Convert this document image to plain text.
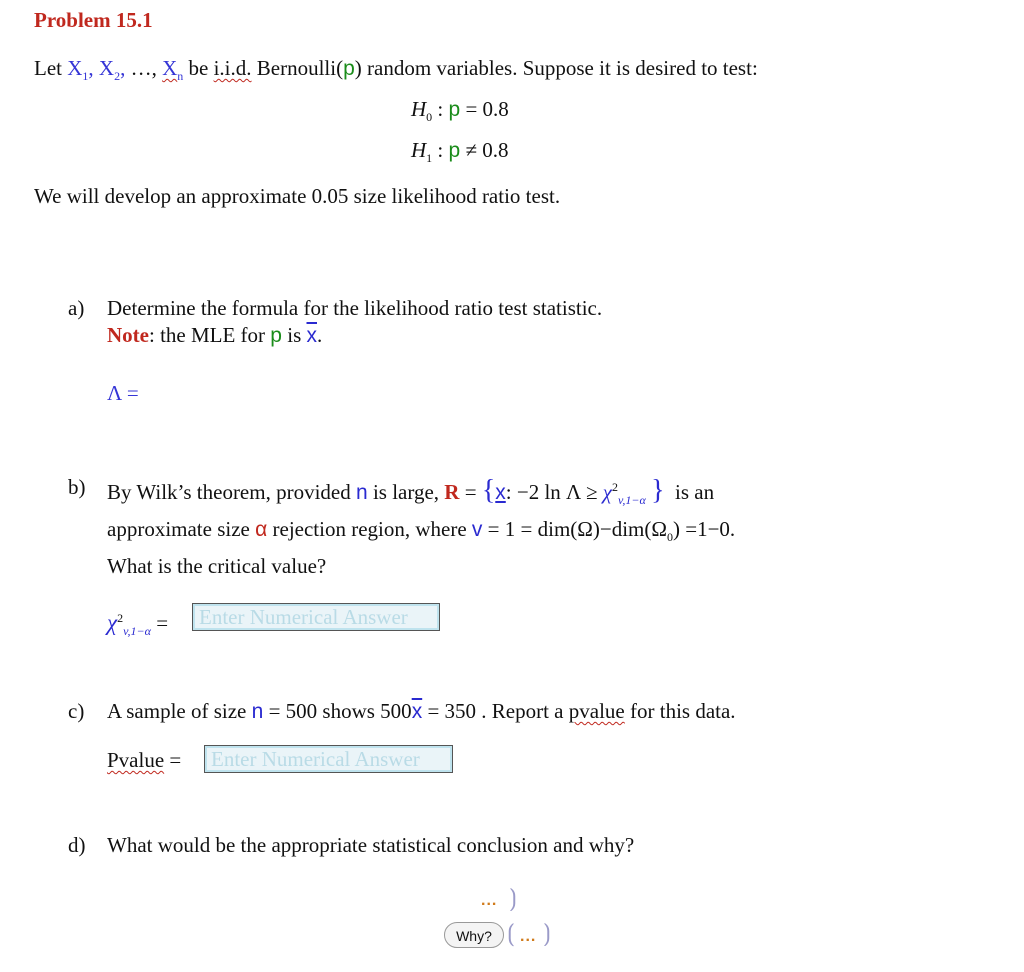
Problem 15.1
Let $X_1$, $X_2$, …, $X_n$ be i.i.d. Bernoulli(p) random variables. Suppose it is desired to test:
$H_0$ : p = 0.8
$H_1$ : p ≠ 0.8
We will develop an approximate 0.05 size likelihood ratio test.
a) Determine the formula for the likelihood ratio test statistic.
Note: the MLE for p is $\overline{x}$.
Λ =
b) By Wilk’s theorem, provided n is large, R = {x: −2 $\ln \Lambda \ge \chi^2_{v,1-\alpha}$ } is an
approximate size α rejection region, where $v = 1 = dim(\Omega)-dim(\Omega_0) =1-0$.
What is the critical value?
$\chi^2_{v,1-\alpha}$ =
Enter Numerical Answer
c) A sample of size n = 500 shows $500\overline{x} = 350$ . Report a pvalue for this data.
Pvalue =
Enter Numerical Answer
d) What would be the appropriate statistical conclusion and why?
... ⟯
Why? ⟮ ... ⟯
